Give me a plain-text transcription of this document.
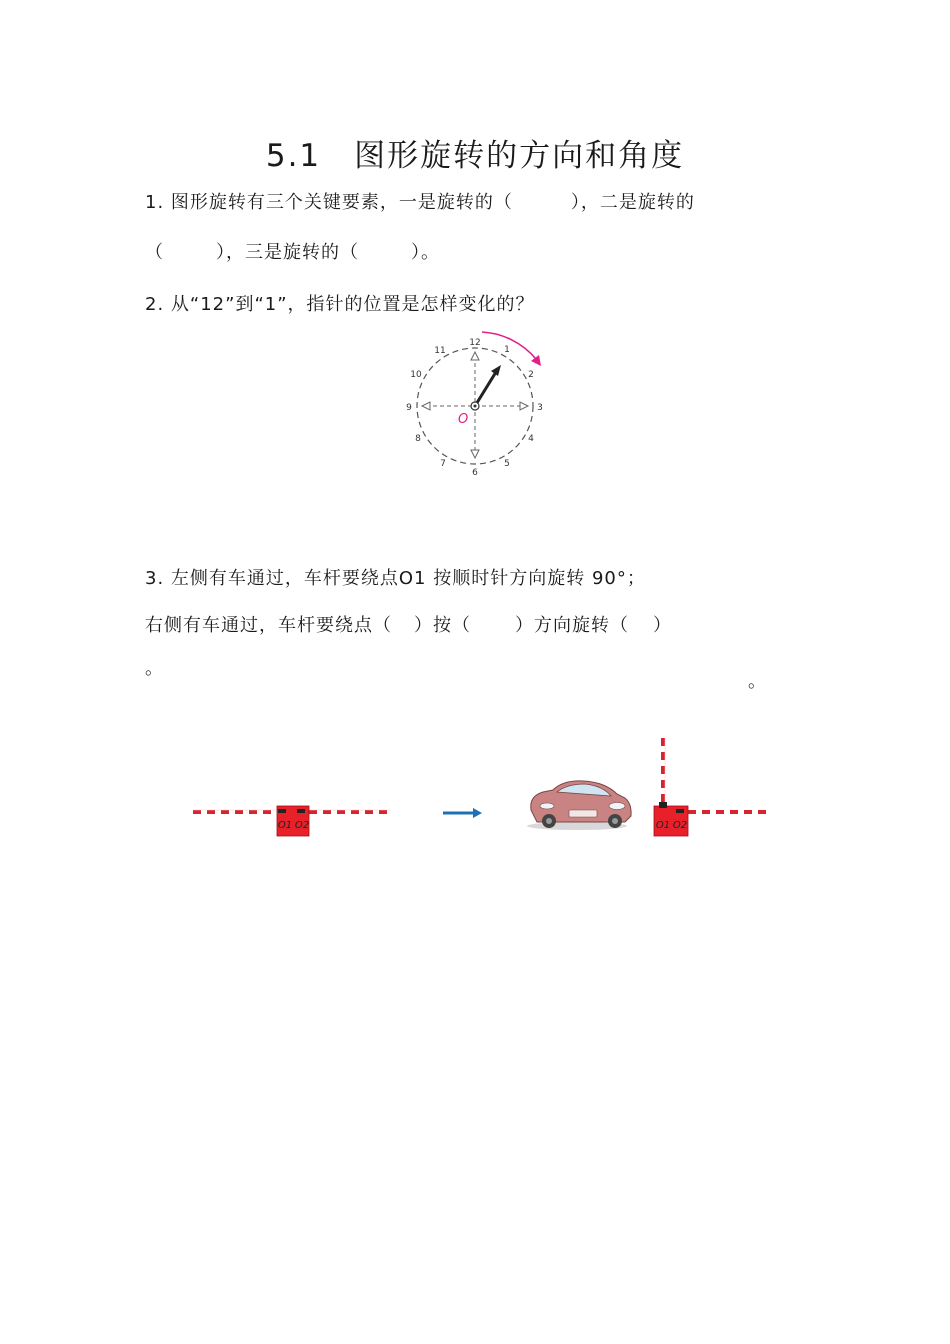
5.1　图形旋转的方向和角度
1. 图形旋转有三个关键要素，一是旋转的（	），二是旋转的
（	），三是旋转的（	）。
2. 从“12”到“1”，指针的位置是怎样变化的？
O
12
1
2
3
4
5
6
7
8
9
10
11
3. 左侧有车通过，车杆要绕点O1 按顺时针方向旋转 90°；
右侧有车通过，车杆要绕点（ ）按（ ）方向旋转（ ）
。
。
O1 O2	O1 O2
